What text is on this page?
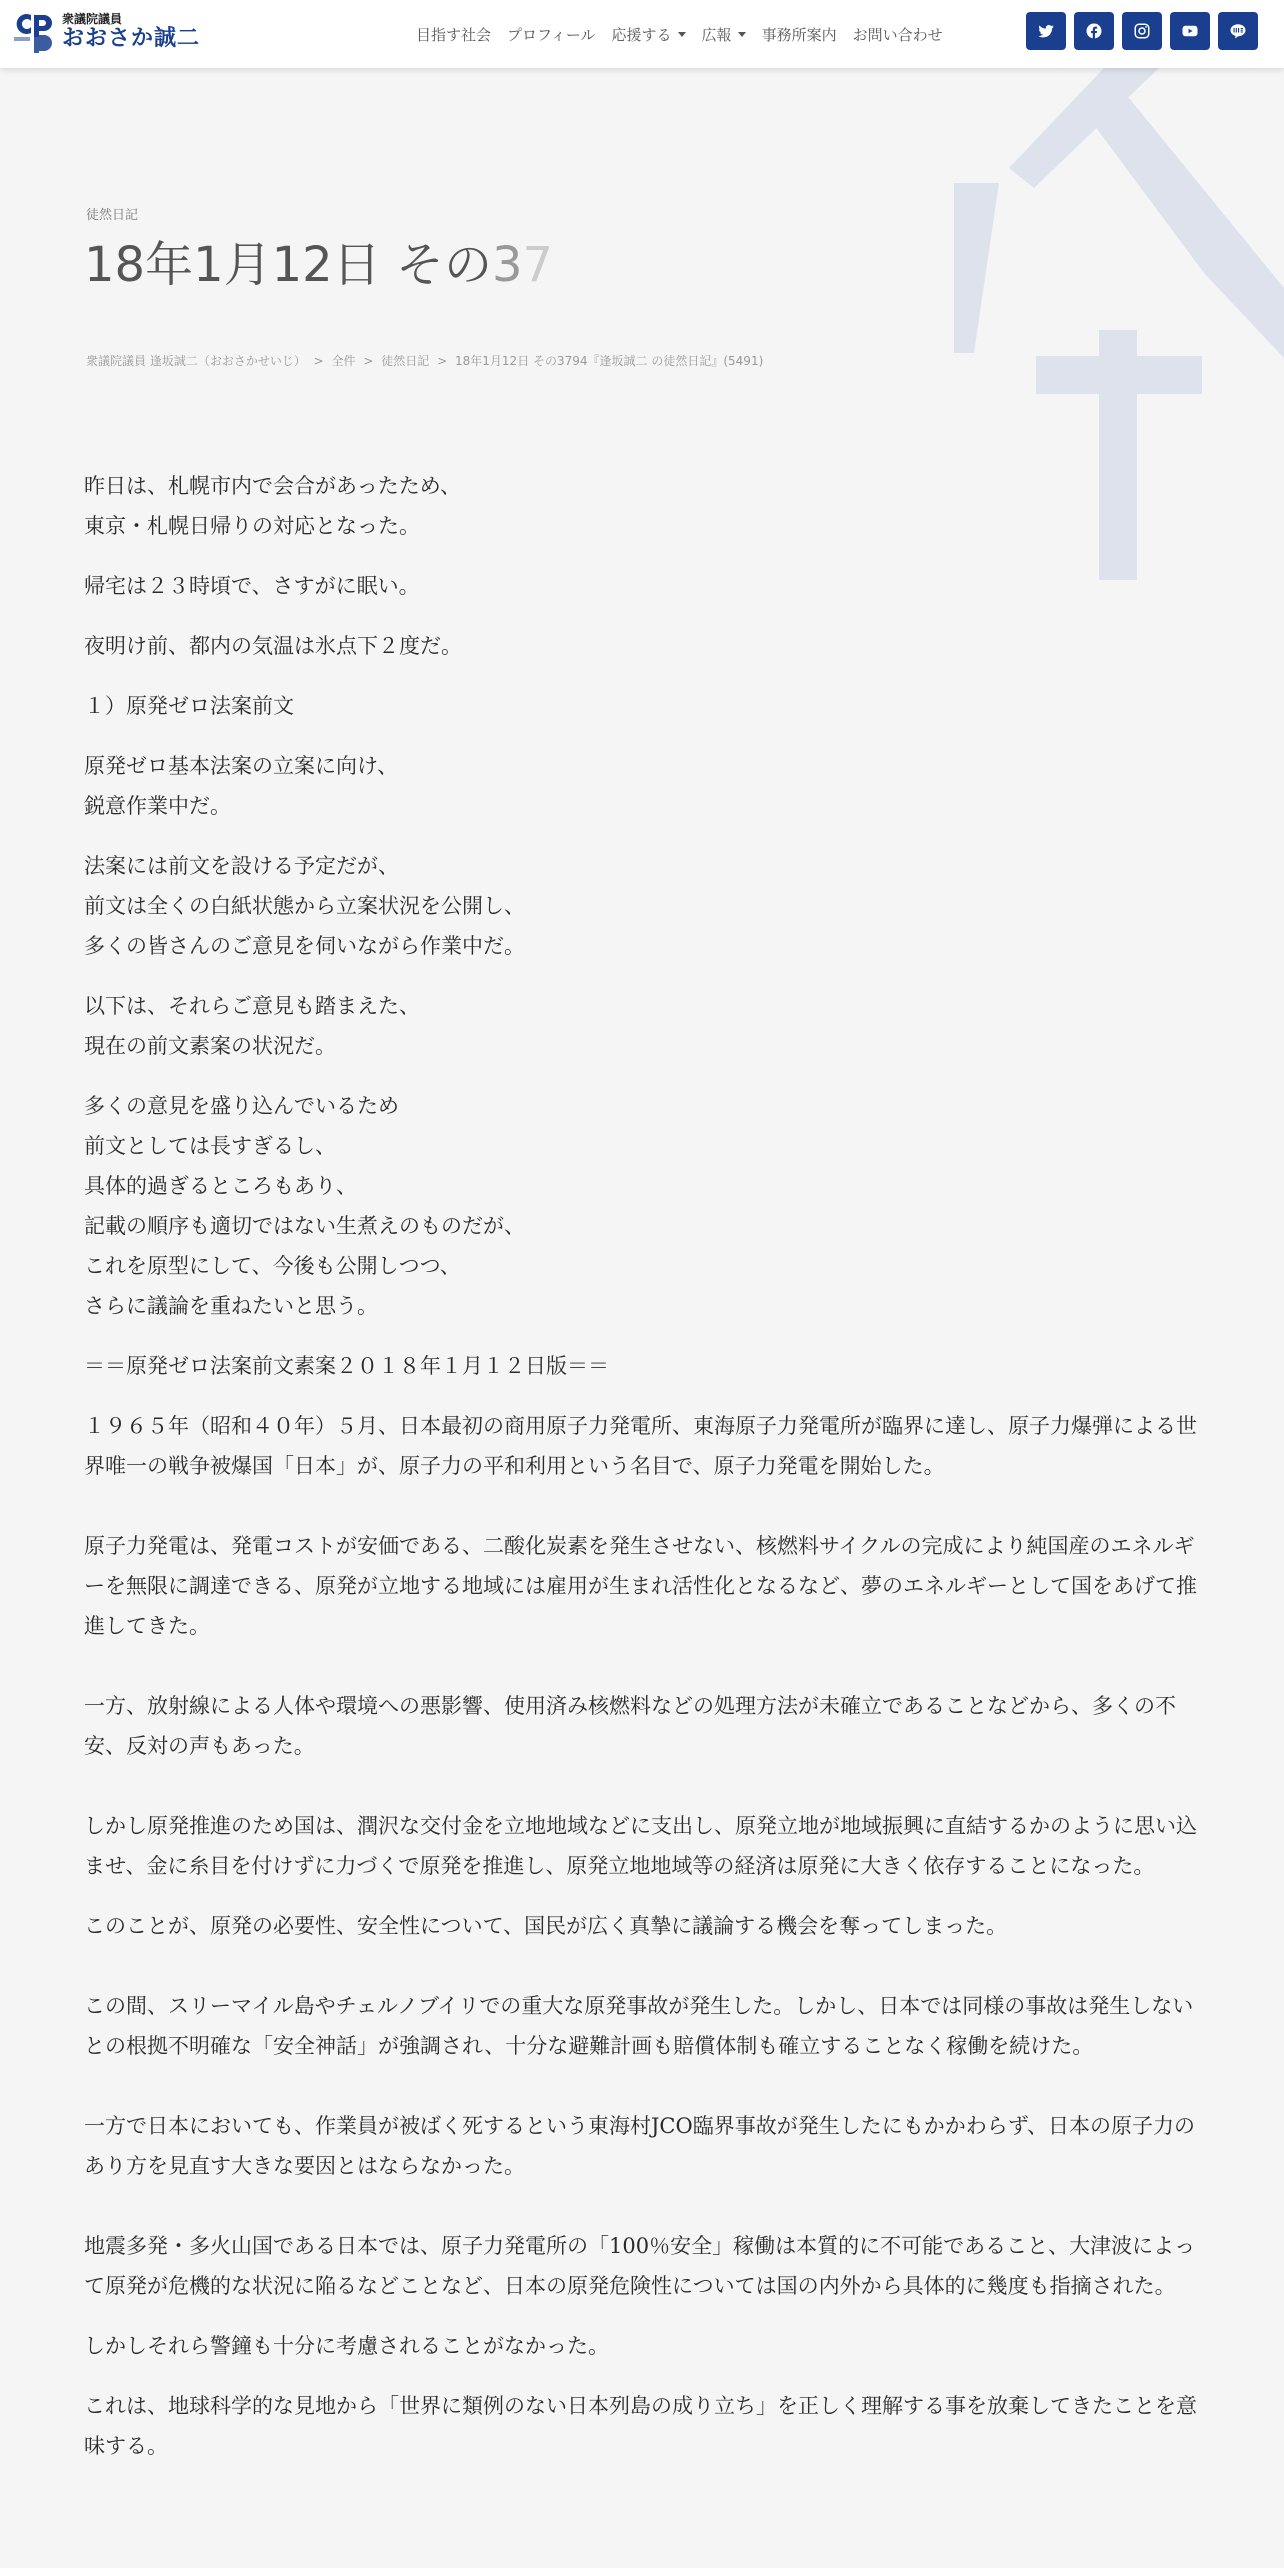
衆議院議員
おおさか誠二	目指す社会 プロフィール 応援する 広報 事務所案内 お問い合わせ
徒然日記
18年1月12日 その37
衆議院議員 逢坂誠二（おおさかせいじ） > 全件 > 徒然日記 > 18年1月12日 その3794『逢坂誠二 の徒然日記』(5491)

昨日は、札幌市内で会合があったため、
東京・札幌日帰りの対応となった。

帰宅は２３時頃で、さすがに眠い。

夜明け前、都内の気温は氷点下２度だ。

１）原発ゼロ法案前文

原発ゼロ基本法案の立案に向け、
鋭意作業中だ。

法案には前文を設ける予定だが、
前文は全くの白紙状態から立案状況を公開し、
多くの皆さんのご意見を伺いながら作業中だ。

以下は、それらご意見も踏まえた、
現在の前文素案の状況だ。

多くの意見を盛り込んでいるため
前文としては長すぎるし、
具体的過ぎるところもあり、
記載の順序も適切ではない生煮えのものだが、
これを原型にして、今後も公開しつつ、
さらに議論を重ねたいと思う。

＝＝原発ゼロ法案前文素案２０１８年１月１２日版＝＝

１９６５年（昭和４０年）５月、日本最初の商用原子力発電所、東海原子力発電所が臨界に達し、原子力爆弾による世界唯一の戦争被爆国「日本」が、原子力の平和利用という名目で、原子力発電を開始した。

原子力発電は、発電コストが安価である、二酸化炭素を発生させない、核燃料サイクルの完成により純国産のエネルギーを無限に調達できる、原発が立地する地域には雇用が生まれ活性化となるなど、夢のエネルギーとして国をあげて推進してきた。

一方、放射線による人体や環境への悪影響、使用済み核燃料などの処理方法が未確立であることなどから、多くの不安、反対の声もあった。

しかし原発推進のため国は、潤沢な交付金を立地地域などに支出し、原発立地が地域振興に直結するかのように思い込ませ、金に糸目を付けずに力づくで原発を推進し、原発立地地域等の経済は原発に大きく依存することになった。

このことが、原発の必要性、安全性について、国民が広く真摯に議論する機会を奪ってしまった。

この間、スリーマイル島やチェルノブイリでの重大な原発事故が発生した。しかし、日本では同様の事故は発生しないとの根拠不明確な「安全神話」が強調され、十分な避難計画も賠償体制も確立することなく稼働を続けた。

一方で日本においても、作業員が被ばく死するという東海村JCO臨界事故が発生したにもかかわらず、日本の原子力のあり方を見直す大きな要因とはならなかった。

地震多発・多火山国である日本では、原子力発電所の「100％安全」稼働は本質的に不可能であること、大津波によって原発が危機的な状況に陥るなどことなど、日本の原発危険性については国の内外から具体的に幾度も指摘された。

しかしそれら警鐘も十分に考慮されることがなかった。

これは、地球科学的な見地から「世界に類例のない日本列島の成り立ち」を正しく理解する事を放棄してきたことを意味する。
